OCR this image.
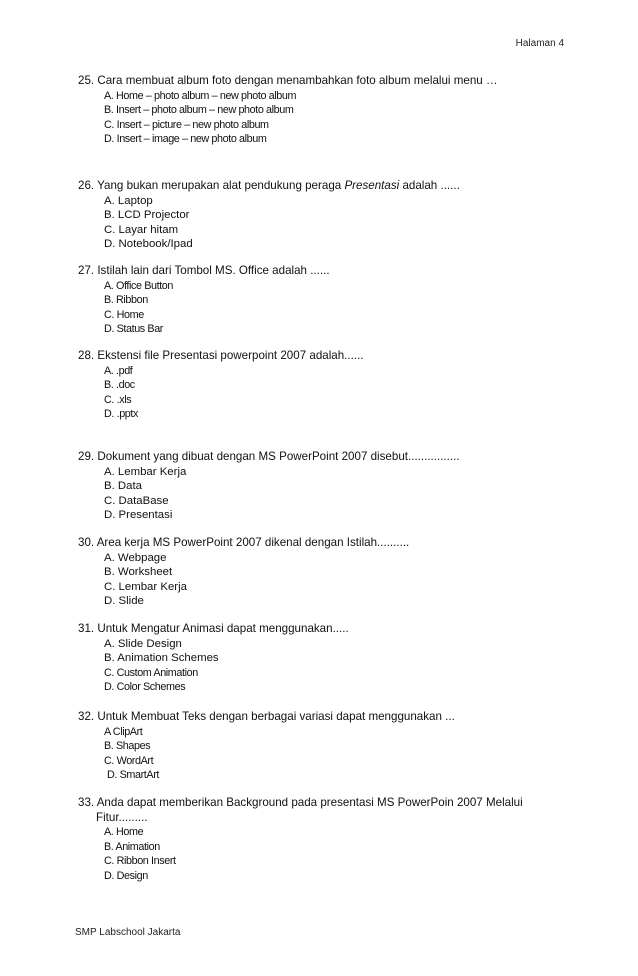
Halaman 4

25. Cara membuat album foto dengan menambahkan foto album melalui menu …

A. Home – photo album – new photo album
B. Insert – photo album – new photo album
C. Insert – picture – new photo album
D. Insert – image – new photo album

26. Yang bukan merupakan alat pendukung peraga Presentasi adalah ......

A. Laptop
B. LCD Projector
C. Layar hitam
D. Notebook/Ipad

27. Istilah lain dari Tombol MS. Office adalah ......

A. Office Button
B. Ribbon
C. Home
D. Status Bar

28. Ekstensi file Presentasi powerpoint 2007 adalah......

A. .pdf
B. .doc
C. .xls
D. .pptx

29. Dokument yang dibuat dengan MS PowerPoint 2007 disebut................

A. Lembar Kerja
B. Data
C. DataBase
D. Presentasi

30. Area kerja MS PowerPoint 2007 dikenal dengan Istilah..........

A. Webpage
B. Worksheet
C. Lembar Kerja
D. Slide

31. Untuk Mengatur Animasi dapat menggunakan.....

A. Slide Design
B. Animation Schemes
C. Custom Animation
D. Color Schemes

32. Untuk Membuat Teks dengan berbagai variasi dapat menggunakan ...

A ClipArt
B. Shapes
C. WordArt
D. SmartArt

33. Anda dapat memberikan Background pada presentasi MS PowerPoin 2007 Melalui

Fitur.........

A. Home
B. Animation
C. Ribbon Insert
D. Design
SMP Labschool Jakarta
